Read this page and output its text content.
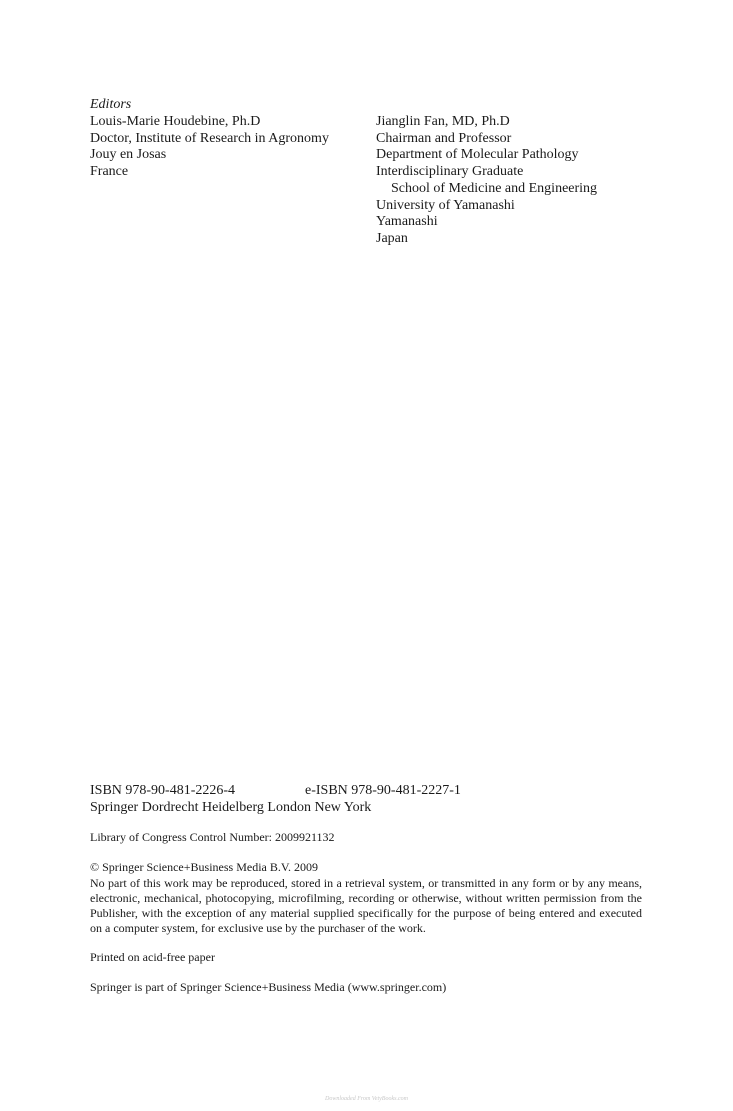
Editors
Louis-Marie Houdebine, Ph.D
Doctor, Institute of Research in Agronomy
Jouy en Josas
France
Jianglin Fan, MD, Ph.D
Chairman and Professor
Department of Molecular Pathology
Interdisciplinary Graduate
School of Medicine and Engineering
University of Yamanashi
Yamanashi
Japan
ISBN 978-90-481-2226-4	e-ISBN 978-90-481-2227-1
Springer Dordrecht Heidelberg London New York
Library of Congress Control Number: 2009921132
© Springer Science+Business Media B.V. 2009
No part of this work may be reproduced, stored in a retrieval system, or transmitted in any form or by any means, electronic, mechanical, photocopying, microfilming, recording or otherwise, without written permission from the Publisher, with the exception of any material supplied specifically for the purpose of being entered and executed on a computer system, for exclusive use by the purchaser of the work.
Printed on acid-free paper
Springer is part of Springer Science+Business Media (www.springer.com)
Downloaded From VetyBooks.com
